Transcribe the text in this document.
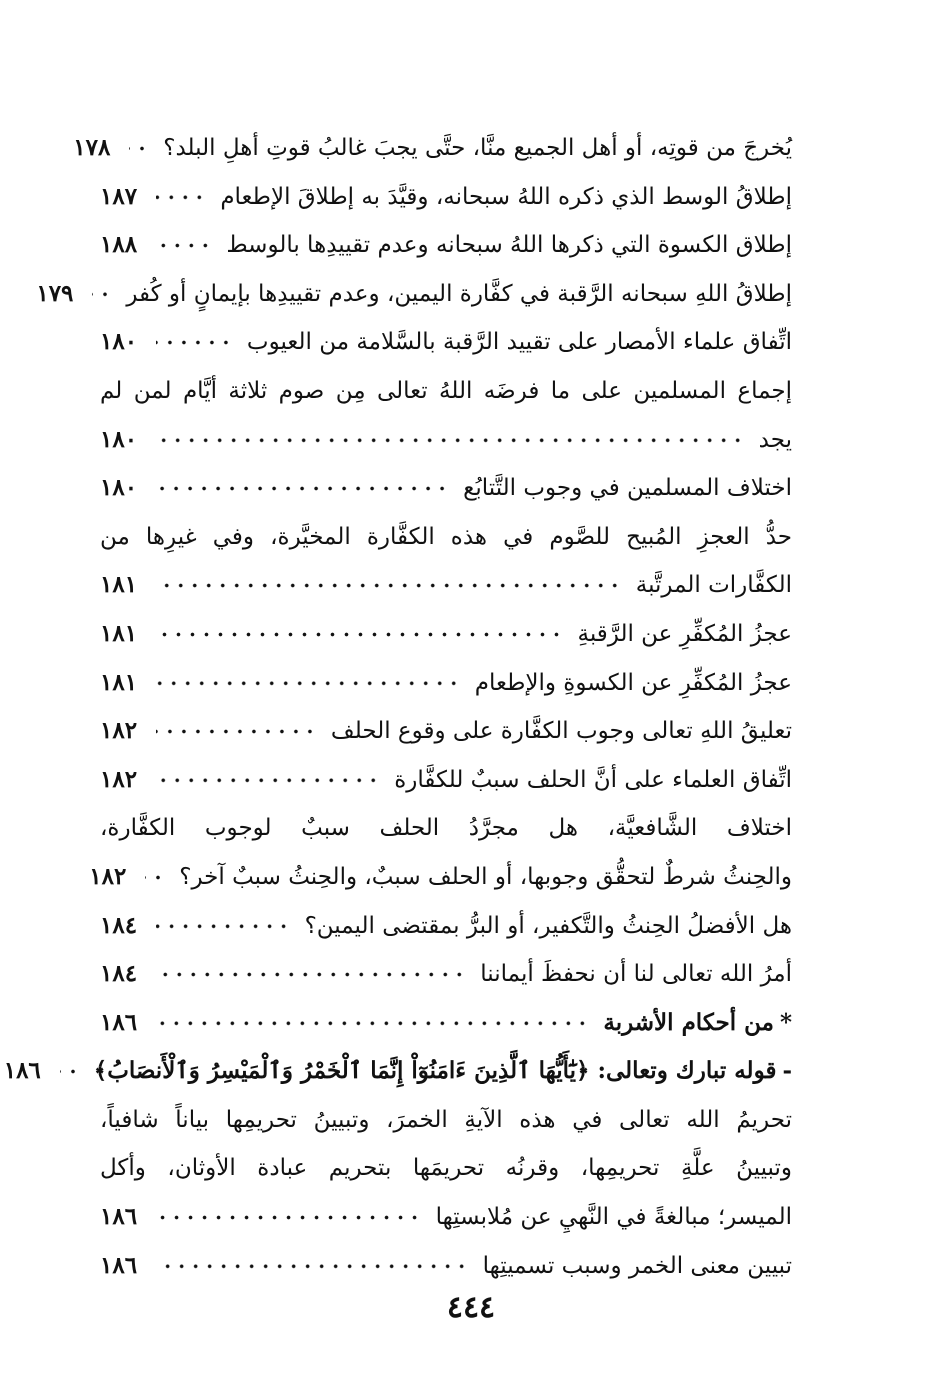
يُخرجَ من قوتِه، أو أهل الجميع منَّا، حتَّى يجبَ غالبُ قوتِ أهلِ البلد؟
١٧٨
إطلاقُ الوسط الذي ذكره اللهُ سبحانه، وقيَّدَ به إطلاقَ الإطعام
١٨٧
إطلاق الكسوة التي ذكرها اللهُ سبحانه وعدم تقييدِها بالوسط
١٨٨
إطلاقُ اللهِ سبحانه الرَّقبة في كفَّارة اليمين، وعدم تقييدِها بإيمانٍ أو كُفر
١٧٩
اتِّفاق علماء الأمصار على تقييد الرَّقبة بالسَّلامة من العيوب
١٨٠
إجماع المسلمين على ما فرضَه اللهُ تعالى مِن صوم ثلاثة أيَّام لمن لم
يجد
١٨٠
اختلاف المسلمين في وجوب التَّتابُع
١٨٠
حدُّ العجزِ المُبيح للصَّوم في هذه الكفَّارة المخيَّرة، وفي غيرِها من
الكفَّارات المرتَّبة
١٨١
عجزُ المُكفِّرِ عن الرَّقبةِ
١٨١
عجزُ المُكفِّرِ عن الكسوةِ والإطعام
١٨١
تعليقُ اللهِ تعالى وجوب الكفَّارة على وقوع الحلف
١٨٢
اتِّفاق العلماء على أنَّ الحلف سببٌ للكفَّارة
١٨٢
اختلاف الشَّافعيَّة، هل مجرَّدُ الحلف سببٌ لوجوب الكفَّارة،
والحِنثُ شرطٌ لتحقُّق وجوبها، أو الحلف سببٌ، والحِنثُ سببٌ آخر؟
١٨٢
هل الأفضلُ الحِنثُ والتَّكفير، أو البرُّ بمقتضى اليمين؟
١٨٤
أمرُ الله تعالى لنا أن نحفظَ أيماننا
١٨٤
*من أحكام الأشربة
١٨٦
-قوله تبارك وتعالى: ﴿يَٰٓأَيُّهَا ٱلَّذِينَ ءَامَنُوٓاْ إِنَّمَا ٱلْخَمْرُ وَٱلْمَيْسِرُ وَٱلْأَنصَابُ﴾
١٨٦
تحريمُ الله تعالى في هذه الآيةِ الخمرَ، وتبيينُ تحريمِها بياناً شافياً،
وتبيينُ علَّةِ تحريمِها، وقرنُه تحريمَها بتحريم عبادة الأوثان، وأكل
الميسر؛ مبالغةً في النَّهيِ عن مُلابستِها
١٨٦
تبيين معنى الخمر وسبب تسميتِها
١٨٦
٤٤٤
